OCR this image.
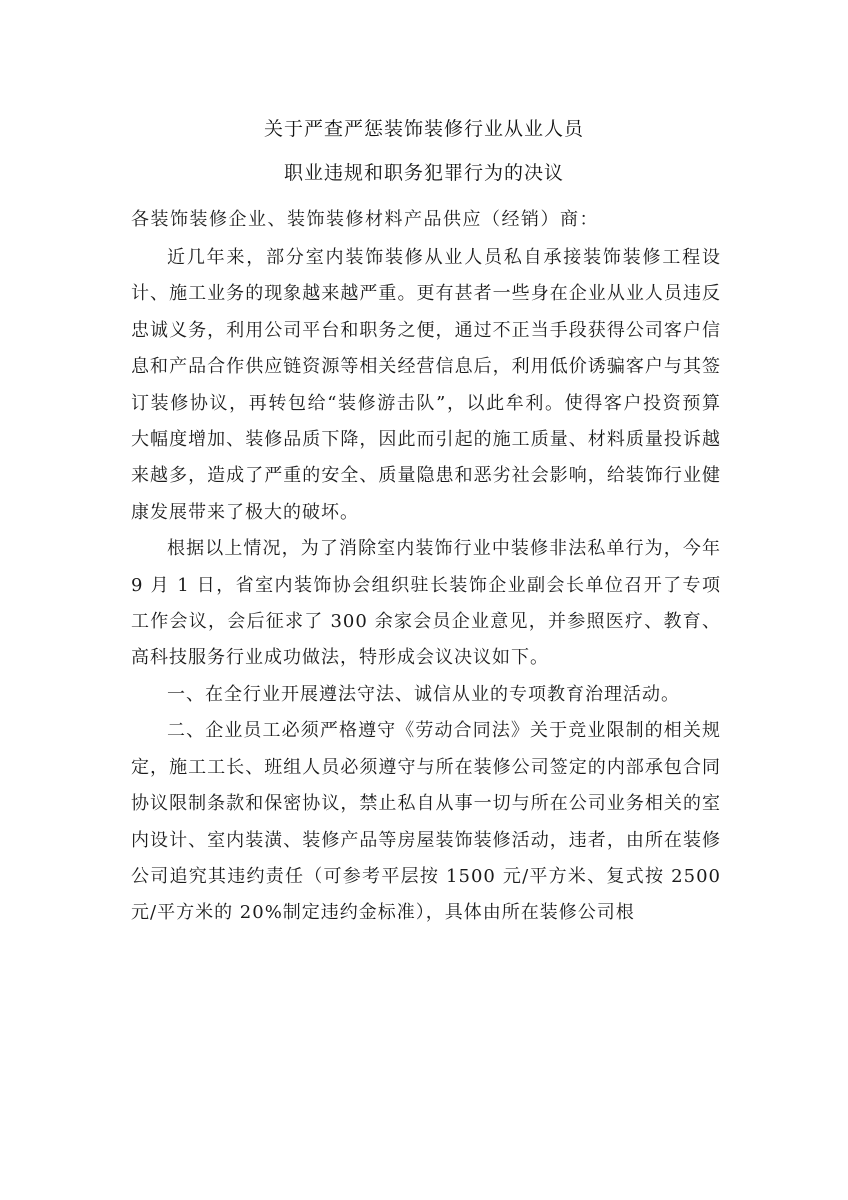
关于严查严惩装饰装修行业从业人员
职业违规和职务犯罪行为的决议
各装饰装修企业、装饰装修材料产品供应（经销）商：

近几年来，部分室内装饰装修从业人员私自承接装饰装修工程设计、施工业务的现象越来越严重。更有甚者一些身在企业从业人员违反忠诚义务，利用公司平台和职务之便，通过不正当手段获得公司客户信息和产品合作供应链资源等相关经营信息后，利用低价诱骗客户与其签订装修协议，再转包给“装修游击队”，以此牟利。使得客户投资预算大幅度增加、装修品质下降，因此而引起的施工质量、材料质量投诉越来越多，造成了严重的安全、质量隐患和恶劣社会影响，给装饰行业健康发展带来了极大的破坏。

根据以上情况，为了消除室内装饰行业中装修非法私单行为，今年 9 月 1 日，省室内装饰协会组织驻长装饰企业副会长单位召开了专项工作会议，会后征求了 300 余家会员企业意见，并参照医疗、教育、高科技服务行业成功做法，特形成会议决议如下。

一、在全行业开展遵法守法、诚信从业的专项教育治理活动。

二、企业员工必须严格遵守《劳动合同法》关于竞业限制的相关规定，施工工长、班组人员必须遵守与所在装修公司签定的内部承包合同协议限制条款和保密协议，禁止私自从事一切与所在公司业务相关的室内设计、室内装潢、装修产品等房屋装饰装修活动，违者，由所在装修公司追究其违约责任（可参考平层按 1500 元/平方米、复式按 2500 元/平方米的 20%制定违约金标准），具体由所在装修公司根
